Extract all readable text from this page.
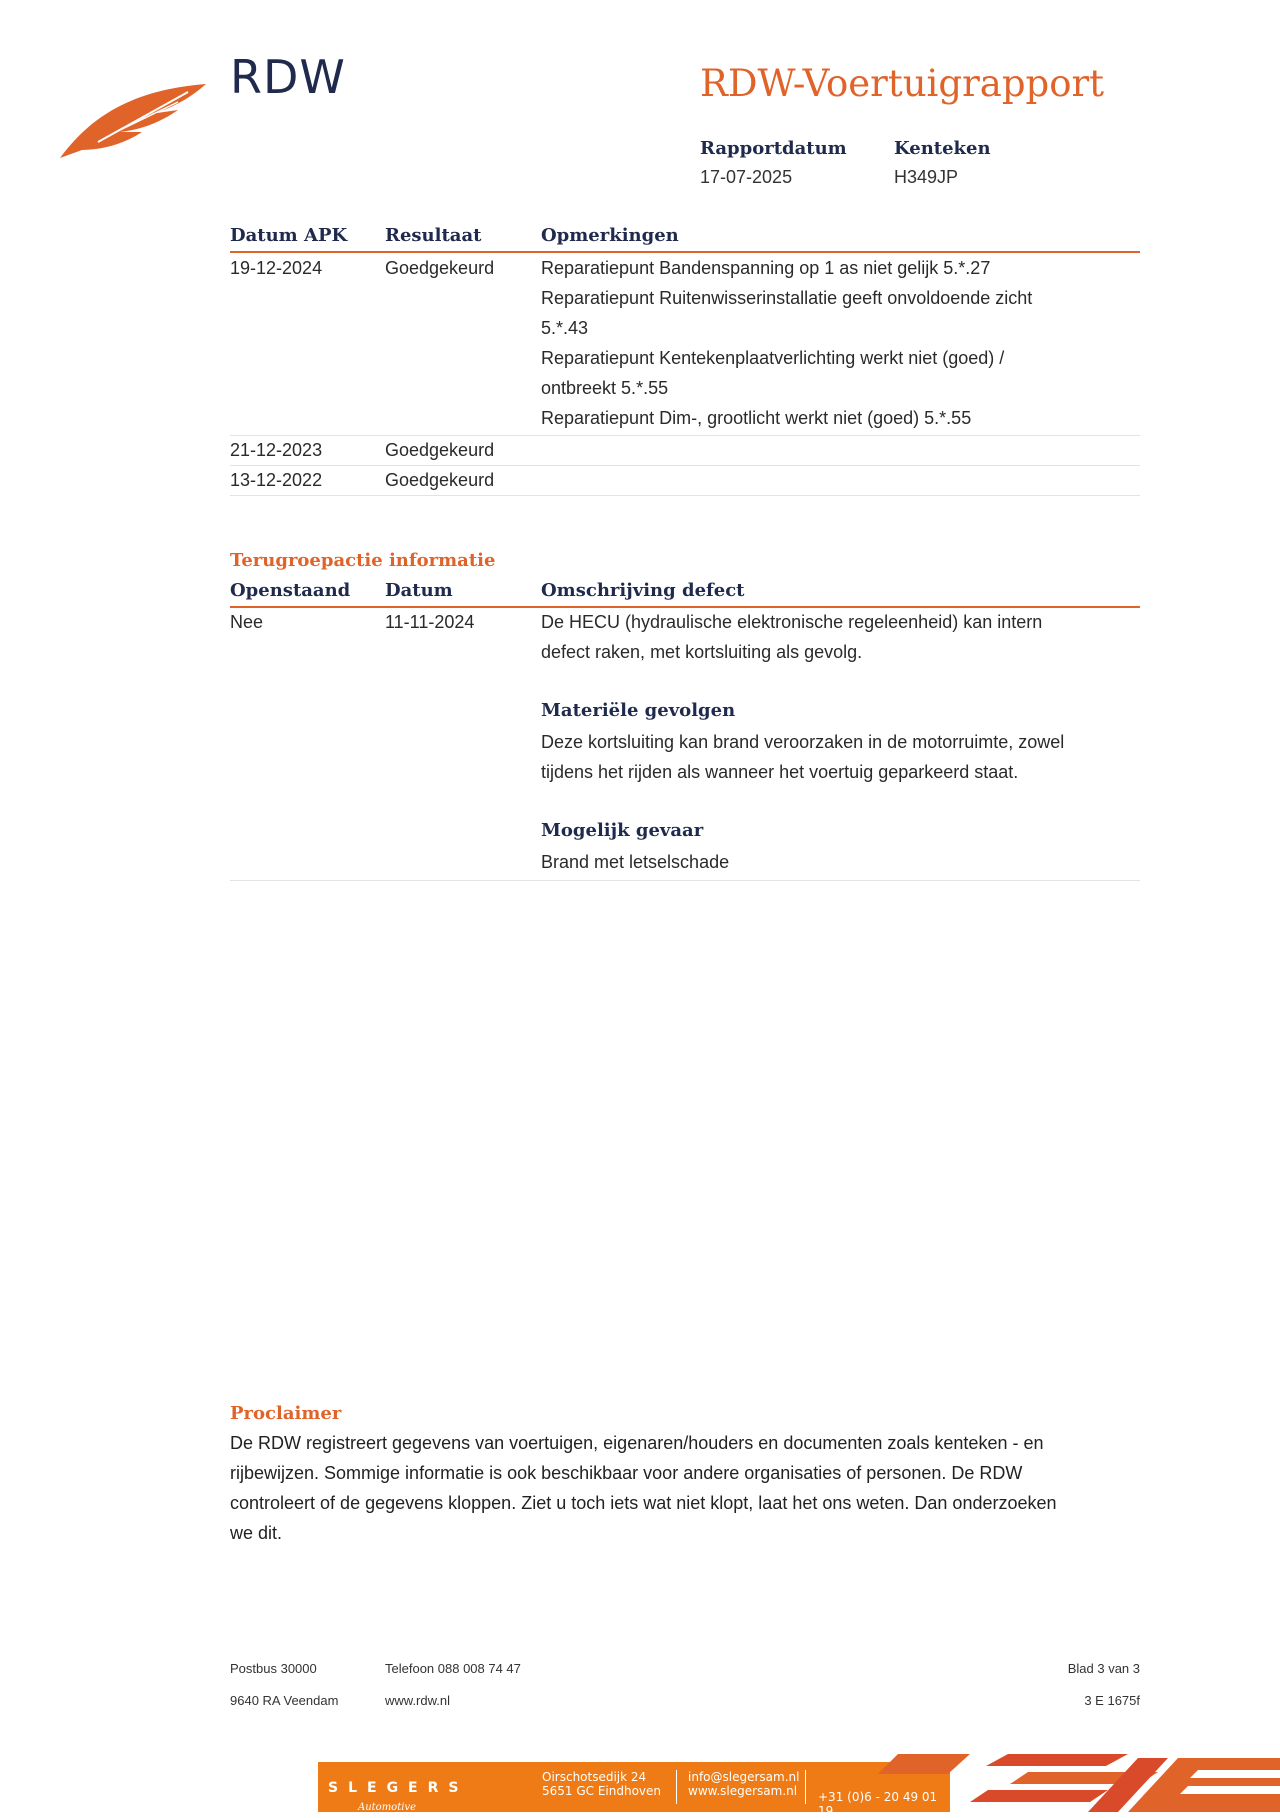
RDW	RDW-Voertuigrapport
Rapportdatum
17-07-2025
Kenteken
H349JP
Datum APK Resultaat	Opmerkingen
19-12-2024	Goedgekeurd	Reparatiepunt Bandenspanning op 1 as niet gelijk 5.*.27
Reparatiepunt Ruitenwisserinstallatie geeft onvoldoende zicht
5.*.43
Reparatiepunt Kentekenplaatverlichting werkt niet (goed) /
ontbreekt 5.*.55
Reparatiepunt Dim-, grootlicht werkt niet (goed) 5.*.55
21-12-2023	Goedgekeurd
13-12-2022	Goedgekeurd
Terugroepactie informatie
Openstaand Datum	Omschrijving defect
Nee	11-11-2024	De HECU (hydraulische elektronische regeleenheid) kan intern
defect raken, met kortsluiting als gevolg.
Materiële gevolgen
Deze kortsluiting kan brand veroorzaken in de motorruimte, zowel
tijdens het rijden als wanneer het voertuig geparkeerd staat.
Mogelijk gevaar
Brand met letselschade
Proclaimer
De RDW registreert gegevens van voertuigen, eigenaren/houders en documenten zoals kenteken - en
rijbewijzen. Sommige informatie is ook beschikbaar voor andere organisaties of personen. De RDW
controleert of de gegevens kloppen. Ziet u toch iets wat niet klopt, laat het ons weten. Dan onderzoeken
we dit.
Postbus 30000
9640 RA Veendam
Telefoon 088 008 74 47
www.rdw.nl
Blad 3 van 3
3 E 1675f
SLEGERS
Automotive
Oirschotsedijk 24
5651 GC Eindhoven
info@slegersam.nl
www.slegersam.nl +31 (0)6 - 20 49 01 19
